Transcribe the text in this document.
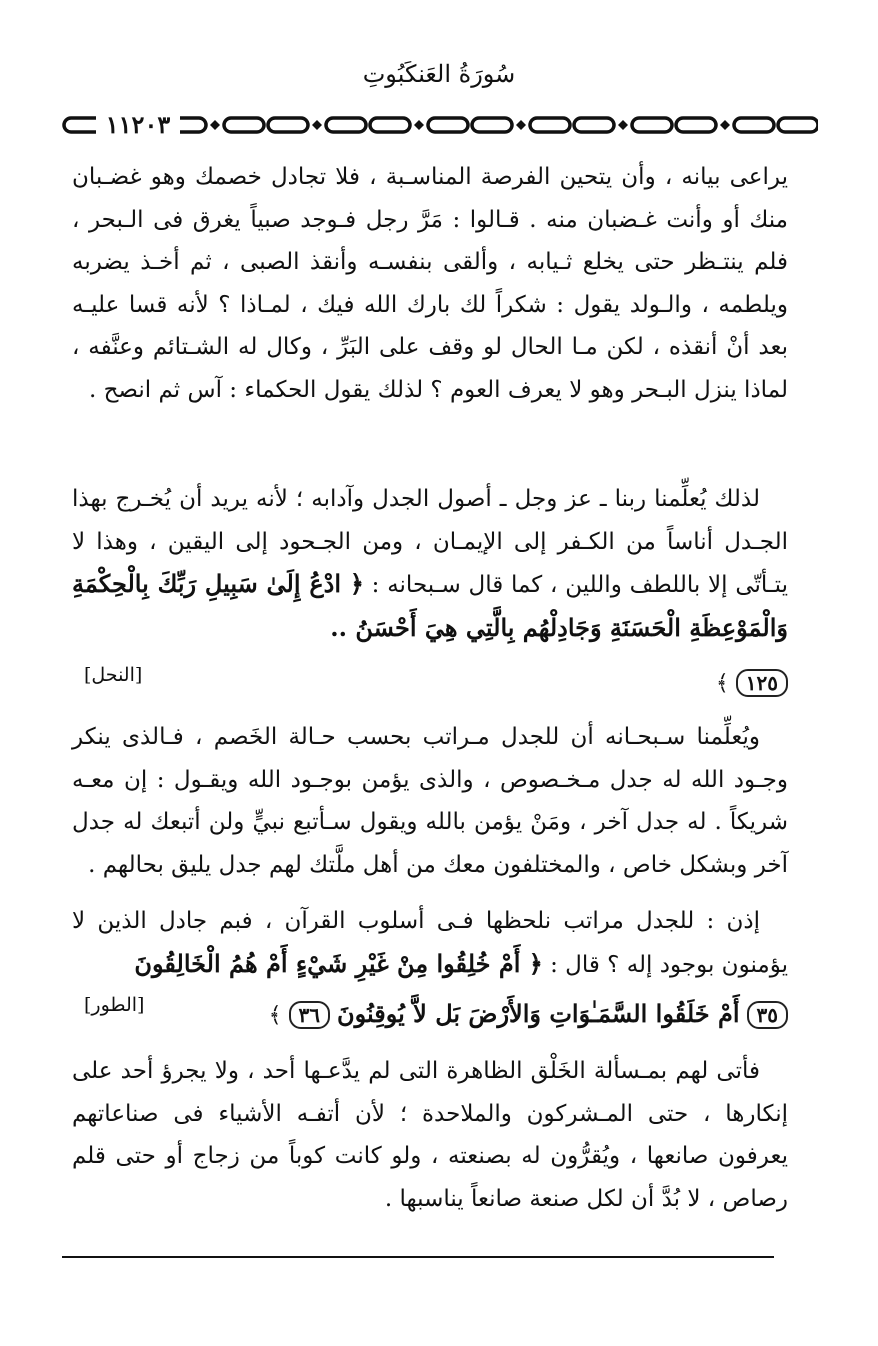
سُورَةُ العَنكَبُوتِ
١١٢٠٣

يراعى بيانه ، وأن يتحين الفرصة المناسـبة ، فلا تجادل خصمك وهو غضـبان منك أو وأنت غـضبان منه . قـالوا : مَرَّ رجل فـوجد صبياً يغرق فى الـبحر ، فلم ينتـظر حتى يخلع ثـيابه ، وألقى بنفسـه وأنقذ الصبى ، ثم أخـذ يضربه ويلطمه ، والـولد يقول : شكراً لك بارك الله فيك ، لمـاذا ؟ لأنه قسا عليـه بعد أنْ أنقذه ، لكن مـا الحال لو وقف على البَرِّ ، وكال له الشـتائم وعنَّفه ، لماذا ينزل البـحر وهو لا يعرف العوم ؟ لذلك يقول الحكماء : آس ثم انصح .

لذلك يُعلِّمنا ربنا ـ عز وجل ـ أصول الجدل وآدابه ؛ لأنه يريد أن يُخـرج بهذا الجـدل أناساً من الكـفر إلى الإيمـان ، ومن الجـحود إلى اليقين ، وهذا لا يتـأتّى إلا باللطف واللين ، كما قال سـبحانه : ﴿ ادْعُ إِلَىٰ سَبِيلِ رَبِّكَ بِالْحِكْمَةِ وَالْمَوْعِظَةِ الْحَسَنَةِ وَجَادِلْهُم بِالَّتِي هِيَ أَحْسَنُ ..

١٢٥ ﴾
[النحل]

ويُعلِّمنا سـبحـانه أن للجدل مـراتب بحسب حـالة الخَصم ، فـالذى ينكر وجـود الله له جدل مـخـصوص ، والذى يؤمن بوجـود الله ويقـول : إن معـه شريكاً . له جدل آخر ، ومَنْ يؤمن بالله ويقول سـأتبع نبيٍّ ولن أتبعك له جدل آخر وبشكل خاص ، والمختلفون معك من أهل ملَّتك لهم جدل يليق بحالهم .

إذن : للجدل مراتب نلحظها فـى أسلوب القرآن ، فبم جادل الذين لا يؤمنون بوجود إله ؟ قال : ﴿ أَمْ خُلِقُوا مِنْ غَيْرِ شَيْءٍ أَمْ هُمُ الْخَالِقُونَ

٣٥ أَمْ خَلَقُوا السَّمَـٰوَاتِ وَالأَرْضَ بَل لاَّ يُوقِنُونَ ٣٦ ﴾
[الطور]

فأتى لهم بمـسألة الخَلْق الظاهرة التى لم يدَّعـها أحد ، ولا يجرؤ أحد على إنكارها ، حتى المـشركون والملاحدة ؛ لأن أتفـه الأشياء فى صناعاتهم يعرفون صانعها ، ويُقرُّون له بصنعته ، ولو كانت كوباً من زجاج أو حتى قلم رصاص ، لا بُدَّ أن لكل صنعة صانعاً يناسبها .
